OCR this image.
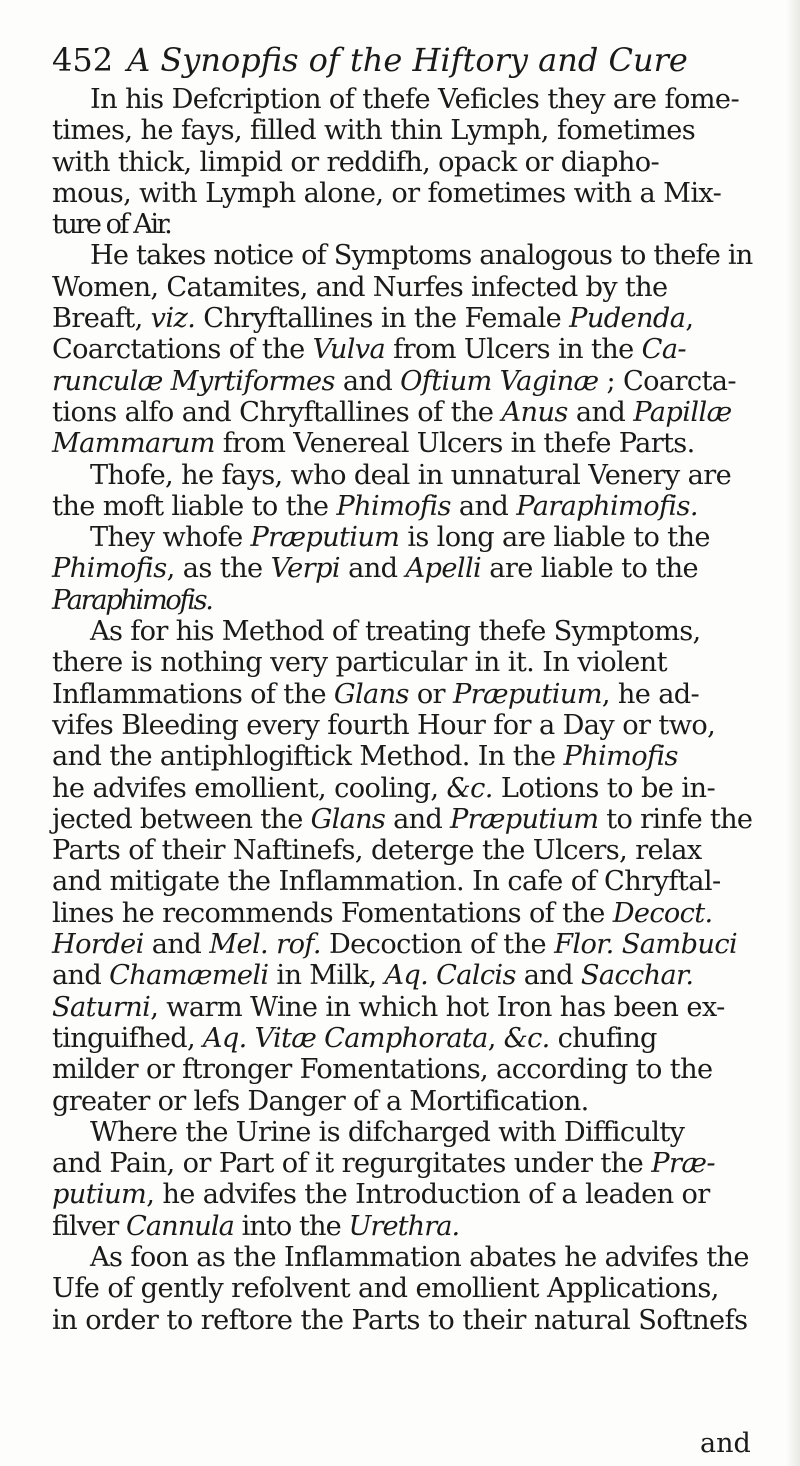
452 A Synopfis of the Hiftory and Cure
In his Defcription of thefe Veficles they are fome-
times, he fays, filled with thin Lymph, fometimes
with thick, limpid or reddifh, opack or diapho-
mous, with Lymph alone, or fometimes with a Mix-
ture of Air.
He takes notice of Symptoms analogous to thefe in
Women, Catamites, and Nurfes infected by the
Breaft, viz. Chryftallines in the Female Pudenda,
Coarctations of the Vulva from Ulcers in the Ca-
runculæ Myrtiformes and Oftium Vaginæ ; Coarcta-
tions alfo and Chryftallines of the Anus and Papillæ
Mammarum from Venereal Ulcers in thefe Parts.
Thofe, he fays, who deal in unnatural Venery are
the moft liable to the Phimofis and Paraphimofis.
They whofe Præputium is long are liable to the
Phimofis, as the Verpi and Apelli are liable to the
Paraphimofis.
As for his Method of treating thefe Symptoms,
there is nothing very particular in it. In violent
Inflammations of the Glans or Præputium, he ad-
vifes Bleeding every fourth Hour for a Day or two,
and the antiphlogiftick Method. In the Phimofis
he advifes emollient, cooling, &c. Lotions to be in-
jected between the Glans and Præputium to rinfe the
Parts of their Naftinefs, deterge the Ulcers, relax
and mitigate the Inflammation. In cafe of Chryftal-
lines he recommends Fomentations of the Decoct.
Hordei and Mel. rof. Decoction of the Flor. Sambuci
and Chamæmeli in Milk, Aq. Calcis and Sacchar.
Saturni, warm Wine in which hot Iron has been ex-
tinguifhed, Aq. Vitæ Camphorata, &c. chufing
milder or ftronger Fomentations, according to the
greater or lefs Danger of a Mortification.
Where the Urine is difcharged with Difficulty
and Pain, or Part of it regurgitates under the Præ-
putium, he advifes the Introduction of a leaden or
filver Cannula into the Urethra.
As foon as the Inflammation abates he advifes the
Ufe of gently refolvent and emollient Applications,
in order to reftore the Parts to their natural Softnefs
and
